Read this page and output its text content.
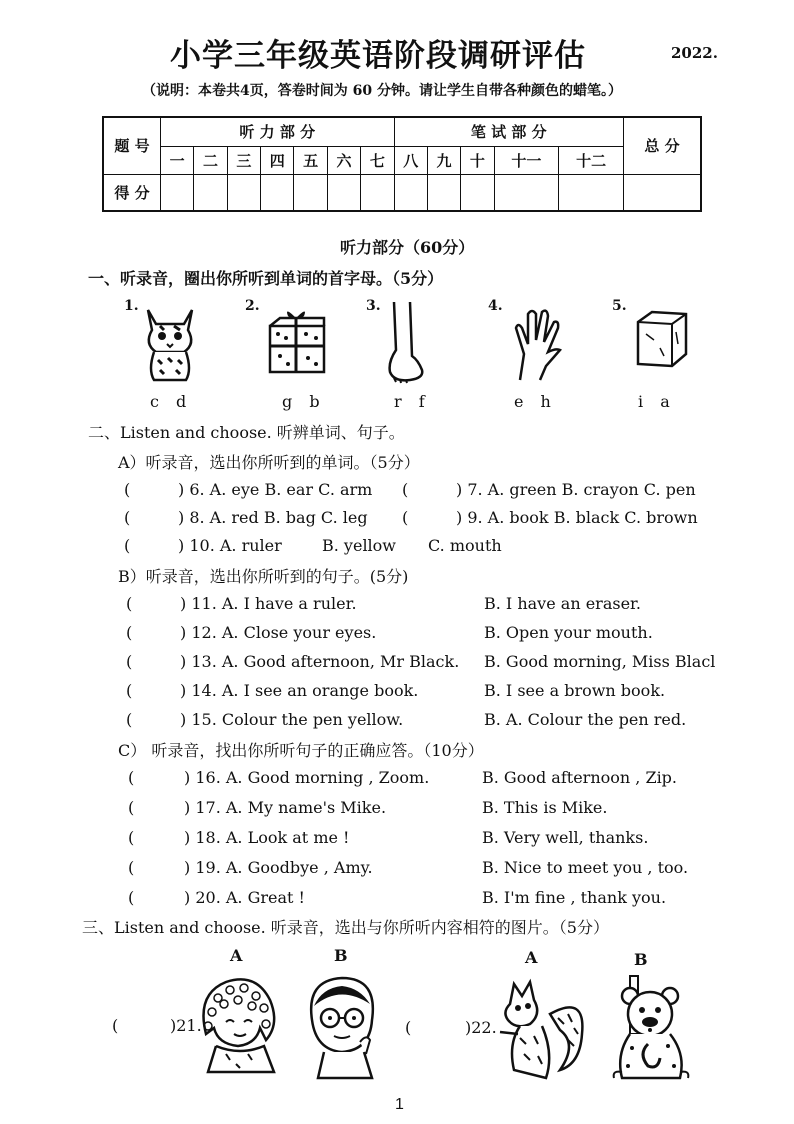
小学三年级英语阶段调研评估	2022.
（说明：本卷共4页，答卷时间为 60 分钟。请让学生自带各种颜色的蜡笔。）
题 号	听 力 部 分							笔 试 部 分					总 分
	一	二	三	四	五	六	七	八	九	十	十一	十二	
得 分													
听力部分（60分）
一、听录音，圈出你所听到单词的首字母。（5分）
1.	2.	3.	4.	5.
c d	g b	r f	e h	i a
二、Listen and choose. 听辨单词、句子。
A）听录音，选出你所听到的单词。（5分）
(	) 6. A. eye B. ear C. arm (	) 7. A. green B. crayon C. pen
(	) 8. A. red B. bag C. leg (	) 9. A. book B. black C. brown
(	) 10. A. ruler	B. yellow C. mouth
B）听录音，选出你所听到的句子。(5分)
C） 听录音，找出你所听句子的正确应答。（10分）
三、Listen and choose. 听录音，选出与你所听内容相符的图片。（5分）
A	B	A	B
(	)21.	(	)22.
1
(	) 11. A. I have a ruler.	B. I have an eraser.
(	) 12. A. Close your eyes.	B. Open your mouth.
(	) 13. A. Good afternoon, Mr Black. B. Good morning, Miss Blacl
(	) 14. A. I see an orange book.	B. I see a brown book.
(	) 15. Colour the pen yellow.	B. A. Colour the pen red.
(	) 16. A. Good morning , Zoom.	B. Good afternoon , Zip.
(	) 17. A. My name's Mike.	B. This is Mike.
(	) 18. A. Look at me !	B. Very well, thanks.
(	) 19. A. Goodbye , Amy.	B. Nice to meet you , too.
(	) 20. A. Great !	B. I'm fine , thank you.
